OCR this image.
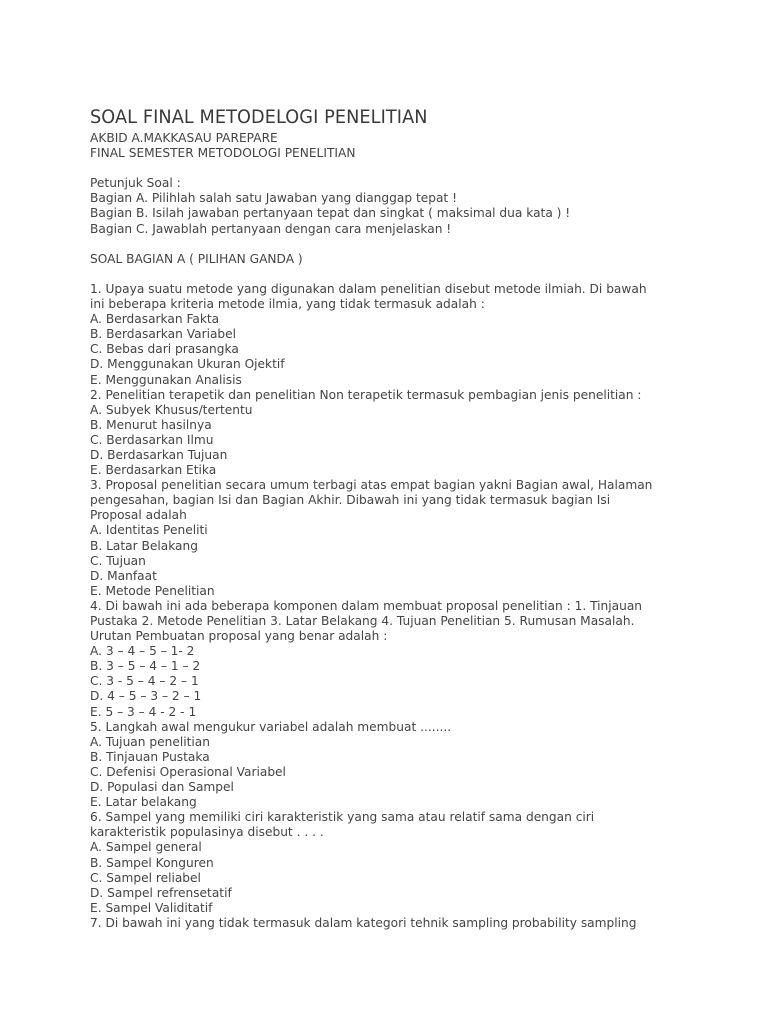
SOAL FINAL METODELOGI PENELITIAN

AKBID A.MAKKASAU PAREPARE

FINAL SEMESTER METODOLOGI PENELITIAN

Petunjuk Soal :

Bagian A. Pilihlah salah satu Jawaban yang dianggap tepat !

Bagian B. Isilah jawaban pertanyaan tepat dan singkat ( maksimal dua kata ) !

Bagian C. Jawablah pertanyaan dengan cara menjelaskan !

SOAL BAGIAN A ( PILIHAN GANDA )

1. Upaya suatu metode yang digunakan dalam penelitian disebut metode ilmiah. Di bawah

ini beberapa kriteria metode ilmia, yang tidak termasuk adalah :

A. Berdasarkan Fakta

B. Berdasarkan Variabel

C. Bebas dari prasangka

D. Menggunakan Ukuran Ojektif

E. Menggunakan Analisis

2. Penelitian terapetik dan penelitian Non terapetik termasuk pembagian jenis penelitian :

A. Subyek Khusus/tertentu

B. Menurut hasilnya

C. Berdasarkan Ilmu

D. Berdasarkan Tujuan

E. Berdasarkan Etika

3. Proposal penelitian secara umum terbagi atas empat bagian yakni Bagian awal, Halaman

pengesahan, bagian Isi dan Bagian Akhir. Dibawah ini yang tidak termasuk bagian Isi

Proposal adalah

A. Identitas Peneliti

B. Latar Belakang

C. Tujuan

D. Manfaat

E. Metode Penelitian

4. Di bawah ini ada beberapa komponen dalam membuat proposal penelitian : 1. Tinjauan

Pustaka 2. Metode Penelitian 3. Latar Belakang 4. Tujuan Penelitian 5. Rumusan Masalah.

Urutan Pembuatan proposal yang benar adalah :

A. 3 – 4 – 5 – 1- 2

B. 3 – 5 – 4 – 1 – 2

C. 3 - 5 – 4 – 2 – 1

D. 4 – 5 – 3 – 2 – 1

E. 5 – 3 – 4 - 2 - 1

5. Langkah awal mengukur variabel adalah membuat ........

A. Tujuan penelitian

B. Tinjauan Pustaka

C. Defenisi Operasional Variabel

D. Populasi dan Sampel

E. Latar belakang

6. Sampel yang memiliki ciri karakteristik yang sama atau relatif sama dengan ciri

karakteristik populasinya disebut . . . .

A. Sampel general

B. Sampel Konguren

C. Sampel reliabel

D. Sampel refrensetatif

E. Sampel Validitatif

7. Di bawah ini yang tidak termasuk dalam kategori tehnik sampling probability sampling
